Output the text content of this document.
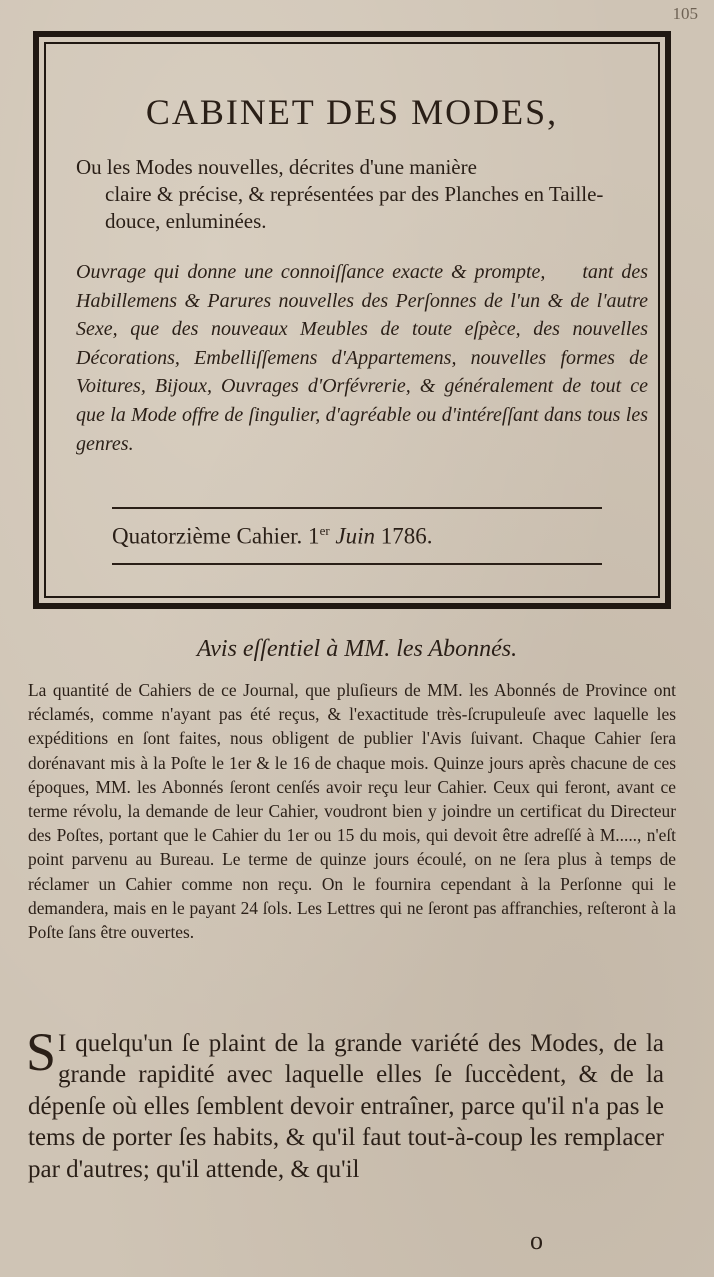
105
CABINET DES MODES,
Ou les Modes nouvelles, décrites d'une manière
claire & précise, & représentées par des Planches en Taille-douce, enluminées.
Ouvrage qui donne une connoiſſance exacte & prompte, tant des Habillemens & Parures nouvelles des Perſonnes de l'un & de l'autre Sexe, que des nouveaux Meubles de toute eſpèce, des nouvelles Décorations, Embelliſſemens d'Appartemens, nouvelles formes de Voitures, Bijoux, Ouvrages d'Orfévrerie, & généralement de tout ce que la Mode offre de ſingulier, d'agréable ou d'intéreſſant dans tous les genres.
Quatorzième Cahier. 1er Juin 1786.
Avis eſſentiel à MM. les Abonnés.
La quantité de Cahiers de ce Journal, que pluſieurs de MM. les Abonnés de Province ont réclamés, comme n'ayant pas été reçus, & l'exactitude très-ſcrupuleuſe avec laquelle les expéditions en ſont faites, nous obligent de publier l'Avis ſuivant. Chaque Cahier ſera dorénavant mis à la Poſte le 1er & le 16 de chaque mois. Quinze jours après chacune de ces époques, MM. les Abonnés ſeront cenſés avoir reçu leur Cahier. Ceux qui feront, avant ce terme révolu, la demande de leur Cahier, voudront bien y joindre un certificat du Directeur des Poſtes, portant que le Cahier du 1er ou 15 du mois, qui devoit être adreſſé à M....., n'eſt point parvenu au Bureau. Le terme de quinze jours écoulé, on ne ſera plus à temps de réclamer un Cahier comme non reçu. On le fournira cependant à la Perſonne qui le demandera, mais en le payant 24 ſols. Les Lettres qui ne ſeront pas affranchies, reſteront à la Poſte ſans être ouvertes.
S I quelqu'un ſe plaint de la grande variété des Modes, de la grande rapidité avec laquelle elles ſe ſuccèdent, & de la dépenſe où elles ſemblent devoir entraîner, parce qu'il n'a pas le tems de porter ſes habits, & qu'il faut tout-à-coup les remplacer par d'autres; qu'il attende, & qu'il
o
